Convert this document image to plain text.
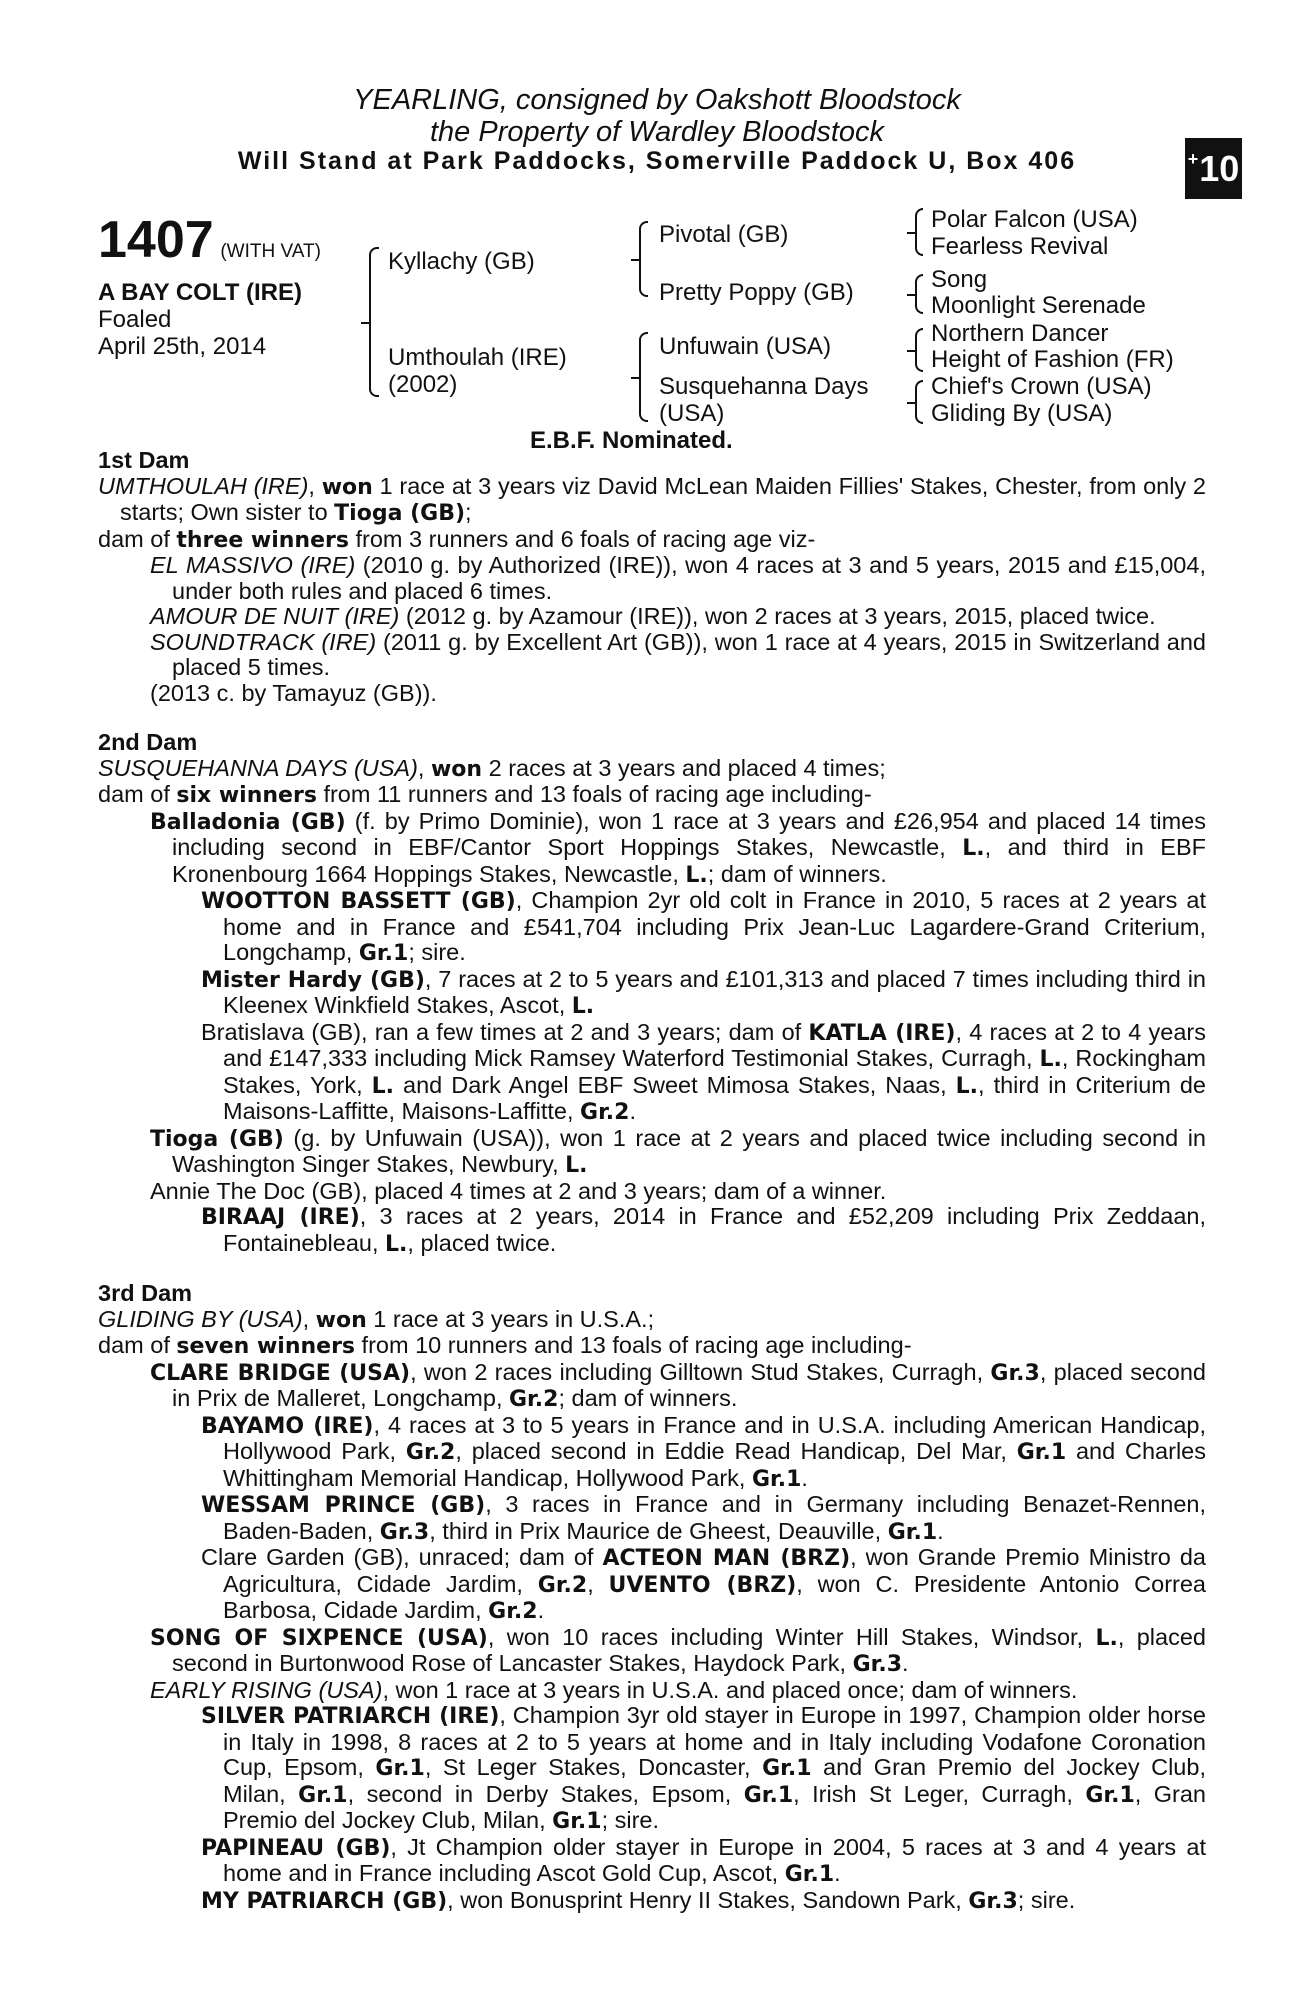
YEARLING, consigned by Oakshott Bloodstock
the Property of Wardley Bloodstock
Will Stand at Park Paddocks, Somerville Paddock U, Box 406	+ 10
1407 (WITH VAT)
A BAY COLT (IRE)
Foaled
April 25th, 2014
Kyllachy (GB)
Umthoulah (IRE)
(2002)
Pivotal (GB)
Pretty Poppy (GB)
Unfuwain (USA)
Susquehanna Days
(USA)
Polar Falcon (USA)
Fearless Revival
Song
Moonlight Serenade
Northern Dancer
Height of Fashion (FR)
Chief's Crown (USA)
Gliding By (USA)
E.B.F. Nominated.
1st Dam
UMTHOULAH (IRE), won 1 race at 3 years viz David McLean Maiden Fillies' Stakes, Chester, from only 2 starts; Own sister to Tioga (GB);
dam of three winners from 3 runners and 6 foals of racing age viz-
EL MASSIVO (IRE) (2010 g. by Authorized (IRE)), won 4 races at 3 and 5 years, 2015 and £15,004, under both rules and placed 6 times.
AMOUR DE NUIT (IRE) (2012 g. by Azamour (IRE)), won 2 races at 3 years, 2015, placed twice.
SOUNDTRACK (IRE) (2011 g. by Excellent Art (GB)), won 1 race at 4 years, 2015 in Switzerland and placed 5 times.
(2013 c. by Tamayuz (GB)).
2nd Dam
SUSQUEHANNA DAYS (USA), won 2 races at 3 years and placed 4 times;
dam of six winners from 11 runners and 13 foals of racing age including-
Balladonia (GB) (f. by Primo Dominie), won 1 race at 3 years and £26,954 and placed 14 times including second in EBF/Cantor Sport Hoppings Stakes, Newcastle, L., and third in EBF Kronenbourg 1664 Hoppings Stakes, Newcastle, L.; dam of winners.
WOOTTON BASSETT (GB), Champion 2yr old colt in France in 2010, 5 races at 2 years at home and in France and £541,704 including Prix Jean-Luc Lagardere-Grand Criterium, Longchamp, Gr.1; sire.
Mister Hardy (GB), 7 races at 2 to 5 years and £101,313 and placed 7 times including third in Kleenex Winkfield Stakes, Ascot, L.
Bratislava (GB), ran a few times at 2 and 3 years; dam of KATLA (IRE), 4 races at 2 to 4 years and £147,333 including Mick Ramsey Waterford Testimonial Stakes, Curragh, L., Rockingham Stakes, York, L. and Dark Angel EBF Sweet Mimosa Stakes, Naas, L., third in Criterium de Maisons-Laffitte, Maisons-Laffitte, Gr.2.
Tioga (GB) (g. by Unfuwain (USA)), won 1 race at 2 years and placed twice including second in Washington Singer Stakes, Newbury, L.
Annie The Doc (GB), placed 4 times at 2 and 3 years; dam of a winner.
BIRAAJ (IRE), 3 races at 2 years, 2014 in France and £52,209 including Prix Zeddaan, Fontainebleau, L., placed twice.
3rd Dam
GLIDING BY (USA), won 1 race at 3 years in U.S.A.;
dam of seven winners from 10 runners and 13 foals of racing age including-
CLARE BRIDGE (USA), won 2 races including Gilltown Stud Stakes, Curragh, Gr.3, placed second in Prix de Malleret, Longchamp, Gr.2; dam of winners.
BAYAMO (IRE), 4 races at 3 to 5 years in France and in U.S.A. including American Handicap, Hollywood Park, Gr.2, placed second in Eddie Read Handicap, Del Mar, Gr.1 and Charles Whittingham Memorial Handicap, Hollywood Park, Gr.1.
WESSAM PRINCE (GB), 3 races in France and in Germany including Benazet-Rennen, Baden-Baden, Gr.3, third in Prix Maurice de Gheest, Deauville, Gr.1.
Clare Garden (GB), unraced; dam of ACTEON MAN (BRZ), won Grande Premio Ministro da Agricultura, Cidade Jardim, Gr.2, UVENTO (BRZ), won C. Presidente Antonio Correa Barbosa, Cidade Jardim, Gr.2.
SONG OF SIXPENCE (USA), won 10 races including Winter Hill Stakes, Windsor, L., placed second in Burtonwood Rose of Lancaster Stakes, Haydock Park, Gr.3.
EARLY RISING (USA), won 1 race at 3 years in U.S.A. and placed once; dam of winners.
SILVER PATRIARCH (IRE), Champion 3yr old stayer in Europe in 1997, Champion older horse in Italy in 1998, 8 races at 2 to 5 years at home and in Italy including Vodafone Coronation Cup, Epsom, Gr.1, St Leger Stakes, Doncaster, Gr.1 and Gran Premio del Jockey Club, Milan, Gr.1, second in Derby Stakes, Epsom, Gr.1, Irish St Leger, Curragh, Gr.1, Gran Premio del Jockey Club, Milan, Gr.1; sire.
PAPINEAU (GB), Jt Champion older stayer in Europe in 2004, 5 races at 3 and 4 years at home and in France including Ascot Gold Cup, Ascot, Gr.1.
MY PATRIARCH (GB), won Bonusprint Henry II Stakes, Sandown Park, Gr.3; sire.
